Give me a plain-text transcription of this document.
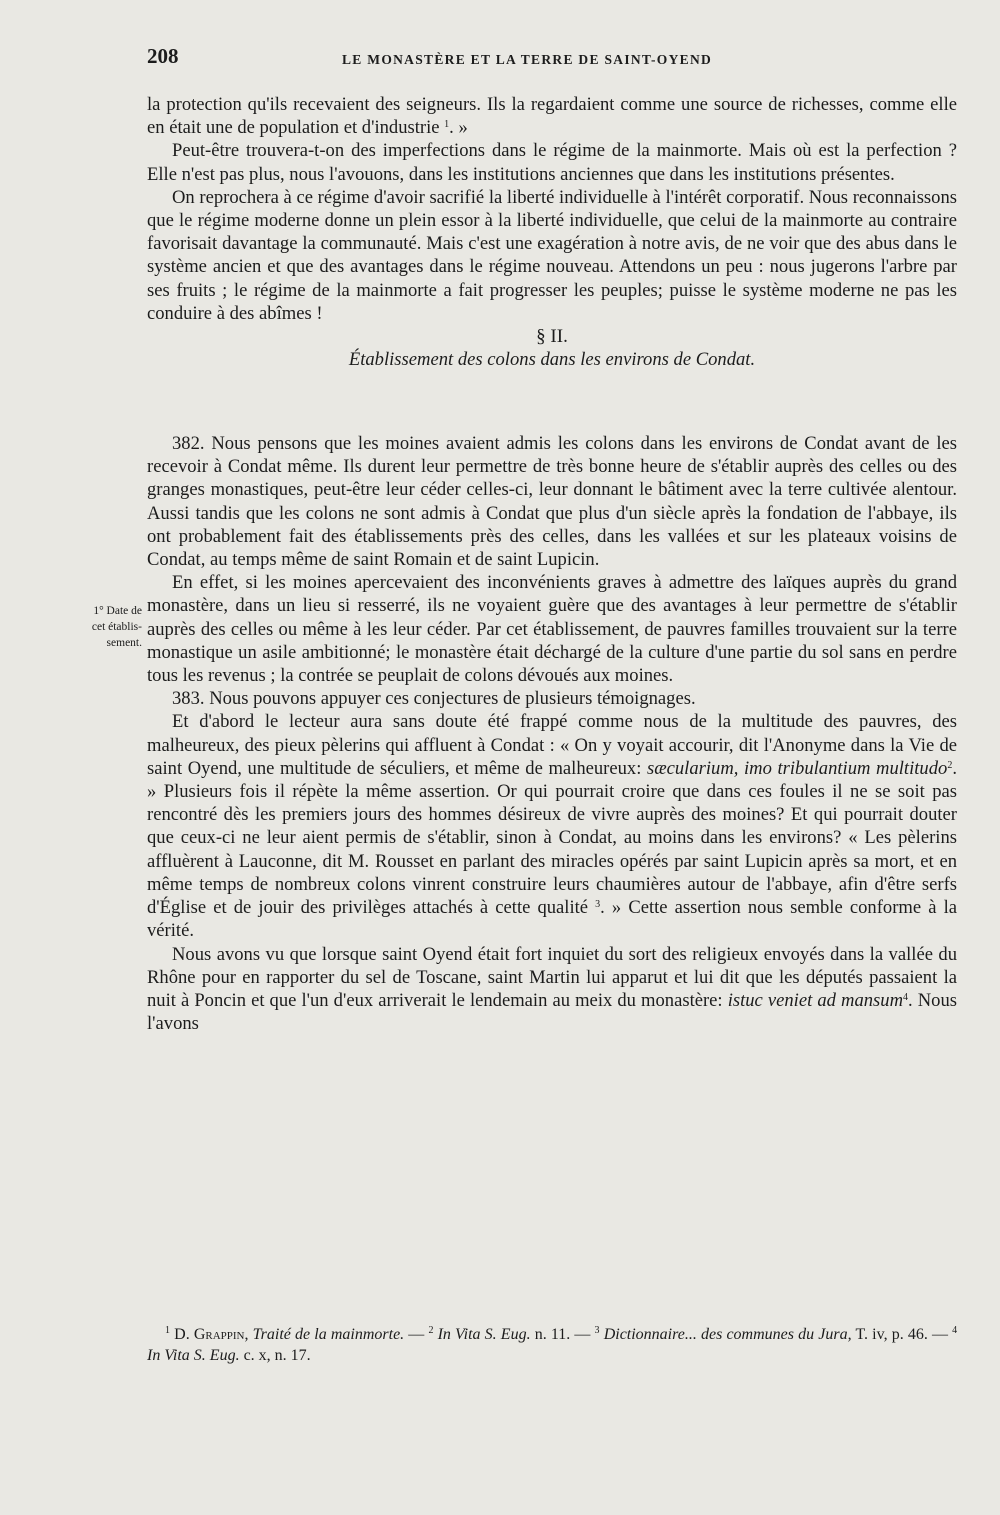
208	LE MONASTÈRE ET LA TERRE DE SAINT-OYEND
1° Date de
cet établis-
sement.

la protection qu'ils recevaient des seigneurs. Ils la regardaient comme une source de richesses, comme elle en était une de population et d'industrie $^1$. »

Peut-être trouvera-t-on des imperfections dans le régime de la mainmorte. Mais où est la perfection ? Elle n'est pas plus, nous l'avouons, dans les institutions anciennes que dans les institutions présentes.

On reprochera à ce régime d'avoir sacrifié la liberté individuelle à l'intérêt corporatif. Nous reconnaissons que le régime moderne donne un plein essor à la liberté individuelle, que celui de la mainmorte au contraire favorisait davantage la communauté. Mais c'est une exagération à notre avis, de ne voir que des abus dans le système ancien et que des avantages dans le régime nouveau. Attendons un peu : nous jugerons l'arbre par ses fruits ; le régime de la mainmorte a fait progresser les peuples; puisse le système moderne ne pas les conduire à des abîmes !

§ II.

Établissement des colons dans les environs de Condat.

382. Nous pensons que les moines avaient admis les colons dans les environs de Condat avant de les recevoir à Condat même. Ils durent leur permettre de très bonne heure de s'établir auprès des celles ou des granges monastiques, peut-être leur céder celles-ci, leur donnant le bâtiment avec la terre cultivée alentour. Aussi tandis que les colons ne sont admis à Condat que plus d'un siècle après la fondation de l'abbaye, ils ont probablement fait des établissements près des celles, dans les vallées et sur les plateaux voisins de Condat, au temps même de saint Romain et de saint Lupicin.

En effet, si les moines apercevaient des inconvénients graves à admettre des laïques auprès du grand monastère, dans un lieu si resserré, ils ne voyaient guère que des avantages à leur permettre de s'établir auprès des celles ou même à les leur céder. Par cet établissement, de pauvres familles trouvaient sur la terre monastique un asile ambitionné; le monastère était déchargé de la culture d'une partie du sol sans en perdre tous les revenus ; la contrée se peuplait de colons dévoués aux moines.

383. Nous pouvons appuyer ces conjectures de plusieurs témoignages.

Et d'abord le lecteur aura sans doute été frappé comme nous de la multitude des pauvres, des malheureux, des pieux pèlerins qui affluent à Condat : « On y voyait accourir, dit l'Anonyme dans la Vie de saint Oyend, une multitude de séculiers, et même de malheureux: sæcularium, imo tribulantium multitudo$^2$. » Plusieurs fois il répète la même assertion. Or qui pourrait croire que dans ces foules il ne se soit pas rencontré dès les premiers jours des hommes désireux de vivre auprès des moines? Et qui pourrait douter que ceux-ci ne leur aient permis de s'établir, sinon à Condat, au moins dans les environs? « Les pèlerins affluèrent à Lauconne, dit M. Rousset en parlant des miracles opérés par saint Lupicin après sa mort, et en même temps de nombreux colons vinrent construire leurs chaumières autour de l'abbaye, afin d'être serfs d'Église et de jouir des privilèges attachés à cette qualité $^3$. » Cette assertion nous semble conforme à la vérité.

Nous avons vu que lorsque saint Oyend était fort inquiet du sort des religieux envoyés dans la vallée du Rhône pour en rapporter du sel de Toscane, saint Martin lui apparut et lui dit que les députés passaient la nuit à Poncin et que l'un d'eux arriverait le lendemain au meix du monastère: istuc veniet ad mansum$^4$. Nous l'avons

$^1$ D. Grappin, Traité de la mainmorte. — $^2$ In Vita S. Eug. n. 11. — $^3$ Dictionnaire... des communes du Jura, T. iv, p. 46. — $^4$ In Vita S. Eug. c. x, n. 17.
